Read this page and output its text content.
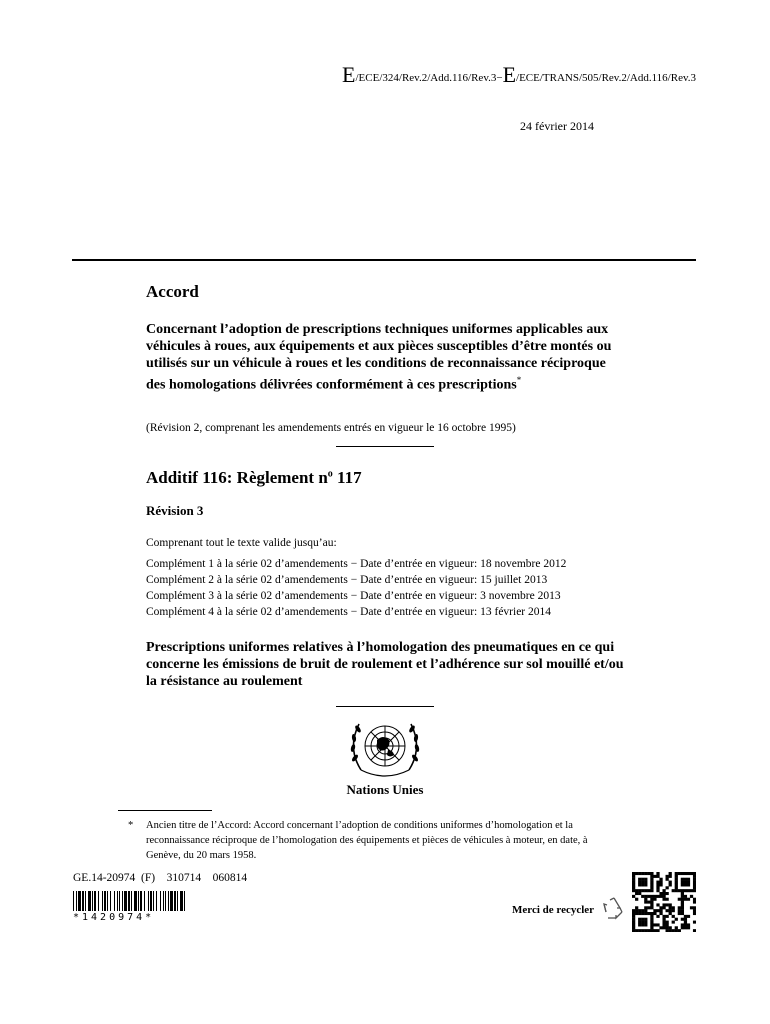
E/ECE/324/Rev.2/Add.116/Rev.3−E/ECE/TRANS/505/Rev.2/Add.116/Rev.3
24 février 2014
Accord
Concernant l’adoption de prescriptions techniques uniformes applicables aux véhicules à roues, aux équipements et aux pièces susceptibles d’être montés ou utilisés sur un véhicule à roues et les conditions de reconnaissance réciproque des homologations délivrées conformément à ces prescriptions*
(Révision 2, comprenant les amendements entrés en vigueur le 16 octobre 1995)
Additif 116: Règlement $n^o$ 117
Révision 3
Comprenant tout le texte valide jusqu’au:
Complément 1 à la série 02 d’amendements − Date d’entrée en vigueur: 18 novembre 2012
Complément 2 à la série 02 d’amendements − Date d’entrée en vigueur: 15 juillet 2013
Complément 3 à la série 02 d’amendements − Date d’entrée en vigueur: 3 novembre 2013
Complément 4 à la série 02 d’amendements − Date d’entrée en vigueur: 13 février 2014
Prescriptions uniformes relatives à l’homologation des pneumatiques en ce qui concerne les émissions de bruit de roulement et l’adhérence sur sol mouillé et/ou la résistance au roulement
Nations Unies
* Ancien titre de l’Accord: Accord concernant l’adoption de conditions uniformes d’homologation et la reconnaissance réciproque de l’homologation des équipements et pièces de véhicules à moteur, en date, à Genève, du 20 mars 1958.
GE.14-20974  (F)    310714    060814
*1420974*
Merci de recycler
